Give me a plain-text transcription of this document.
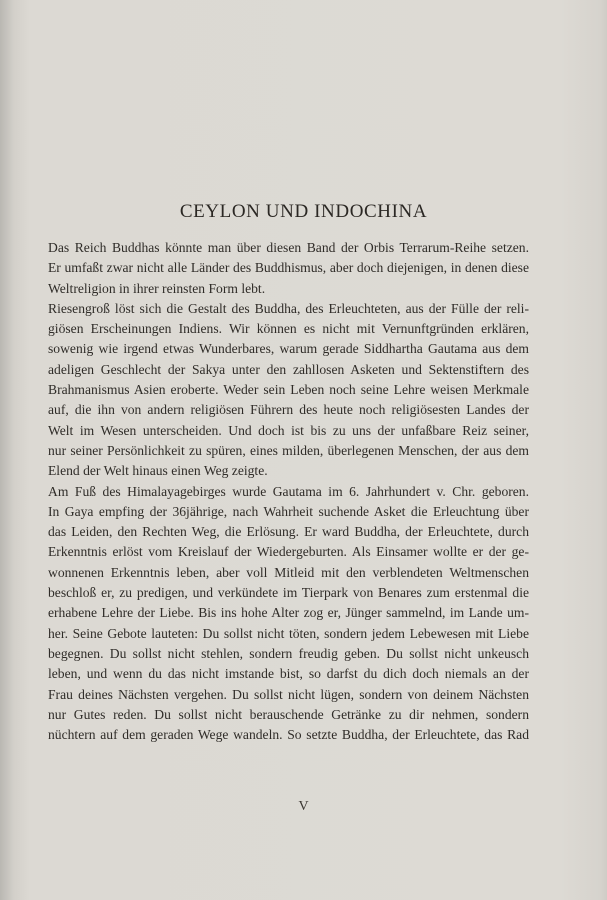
CEYLON UND INDOCHINA
Das Reich Buddhas könnte man über diesen Band der Orbis Terrarum-Reihe setzen.
Er umfaßt zwar nicht alle Länder des Buddhismus, aber doch diejenigen, in denen diese
Weltreligion in ihrer reinsten Form lebt.
Riesengroß löst sich die Gestalt des Buddha, des Erleuchteten, aus der Fülle der reli-
giösen Erscheinungen Indiens. Wir können es nicht mit Vernunftgründen erklären,
sowenig wie irgend etwas Wunderbares, warum gerade Siddhartha Gautama aus dem
adeligen Geschlecht der Sakya unter den zahllosen Asketen und Sektenstiftern des
Brahmanismus Asien eroberte. Weder sein Leben noch seine Lehre weisen Merkmale
auf, die ihn von andern religiösen Führern des heute noch religiösesten Landes der
Welt im Wesen unterscheiden. Und doch ist bis zu uns der unfaßbare Reiz seiner,
nur seiner Persönlichkeit zu spüren, eines milden, überlegenen Menschen, der aus dem
Elend der Welt hinaus einen Weg zeigte.
Am Fuß des Himalayagebirges wurde Gautama im 6. Jahrhundert v. Chr. geboren.
In Gaya empfing der 36jährige, nach Wahrheit suchende Asket die Erleuchtung über
das Leiden, den Rechten Weg, die Erlösung. Er ward Buddha, der Erleuchtete, durch
Erkenntnis erlöst vom Kreislauf der Wiedergeburten. Als Einsamer wollte er der ge-
wonnenen Erkenntnis leben, aber voll Mitleid mit den verblendeten Weltmenschen
beschloß er, zu predigen, und verkündete im Tierpark von Benares zum erstenmal die
erhabene Lehre der Liebe. Bis ins hohe Alter zog er, Jünger sammelnd, im Lande um-
her. Seine Gebote lauteten: Du sollst nicht töten, sondern jedem Lebewesen mit Liebe
begegnen. Du sollst nicht stehlen, sondern freudig geben. Du sollst nicht unkeusch
leben, und wenn du das nicht imstande bist, so darfst du dich doch niemals an der
Frau deines Nächsten vergehen. Du sollst nicht lügen, sondern von deinem Nächsten
nur Gutes reden. Du sollst nicht berauschende Getränke zu dir nehmen, sondern
nüchtern auf dem geraden Wege wandeln. So setzte Buddha, der Erleuchtete, das Rad
V
